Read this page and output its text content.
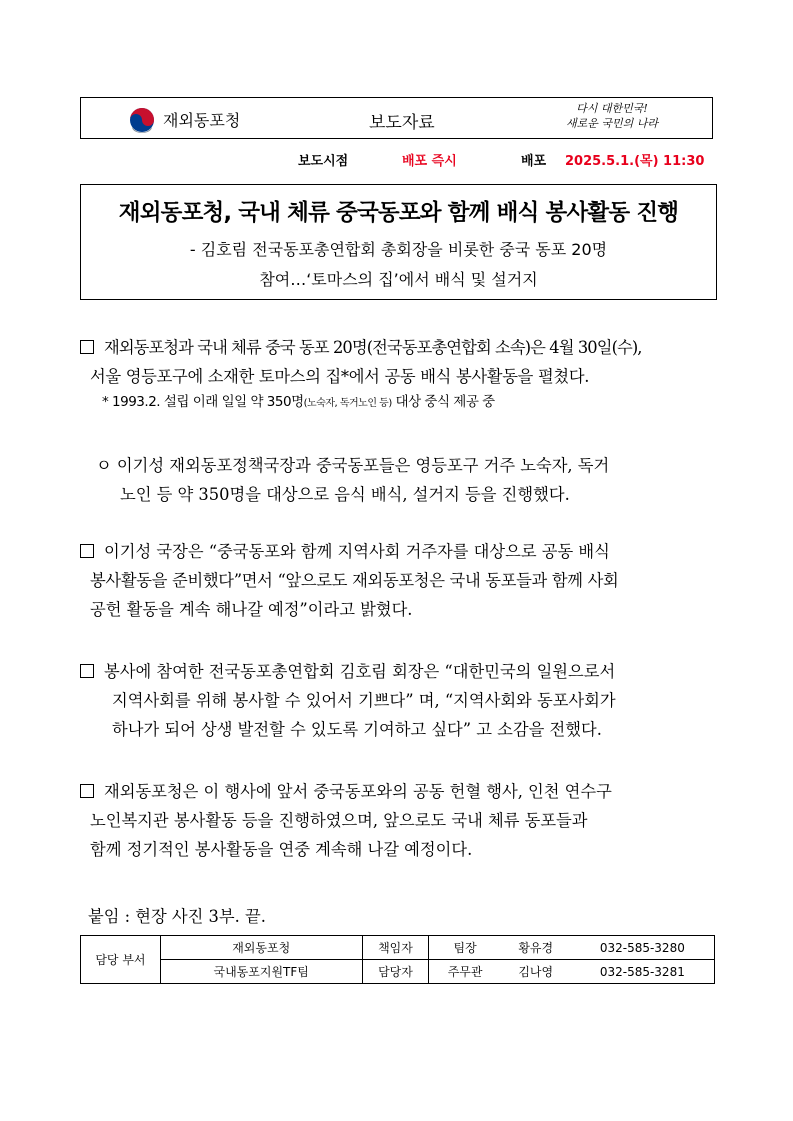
재외동포청	보도자료
다시 대한민국!
새로운 국민의 나라
보도시점	배포 즉시	배포 2025.5.1.(목) 11:30
재외동포청, 국내 체류 중국동포와 함께 배식 봉사활동 진행
- 김호림 전국동포총연합회 총회장을 비롯한 중국 동포 20명
참여…‘토마스의 집’에서 배식 및 설거지
재외동포청과 국내 체류 중국 동포 20명(전국동포총연합회 소속)은 4월 30일(수),
서울 영등포구에 소재한 토마스의 집*에서 공동 배식 봉사활동을 펼쳤다.
* 1993.2. 설립 이래 일일 약 350명(노숙자, 독거노인 등) 대상 중식 제공 중
ㅇ 이기성 재외동포정책국장과 중국동포들은 영등포구 거주 노숙자, 독거
노인 등 약 350명을 대상으로 음식 배식, 설거지 등을 진행했다.
이기성 국장은 “중국동포와 함께 지역사회 거주자를 대상으로 공동 배식
봉사활동을 준비했다”면서 “앞으로도 재외동포청은 국내 동포들과 함께 사회
공헌 활동을 계속 해나갈 예정”이라고 밝혔다.
봉사에 참여한 전국동포총연합회 김호림 회장은 “대한민국의 일원으로서
지역사회를 위해 봉사할 수 있어서 기쁘다” 며, “지역사회와 동포사회가
하나가 되어 상생 발전할 수 있도록 기여하고 싶다” 고 소감을 전했다.
재외동포청은 이 행사에 앞서 중국동포와의 공동 헌혈 행사, 인천 연수구
노인복지관 봉사활동 등을 진행하였으며, 앞으로도 국내 체류 동포들과
함께 정기적인 봉사활동을 연중 계속해 나갈 예정이다.
붙임 : 현장 사진 3부. 끝.
담당 부서	재외동포청	책임자	팀장	황유경	032-585-3280
	국내동포지원TF팀	담당자	주무관	김나영	032-585-3281
